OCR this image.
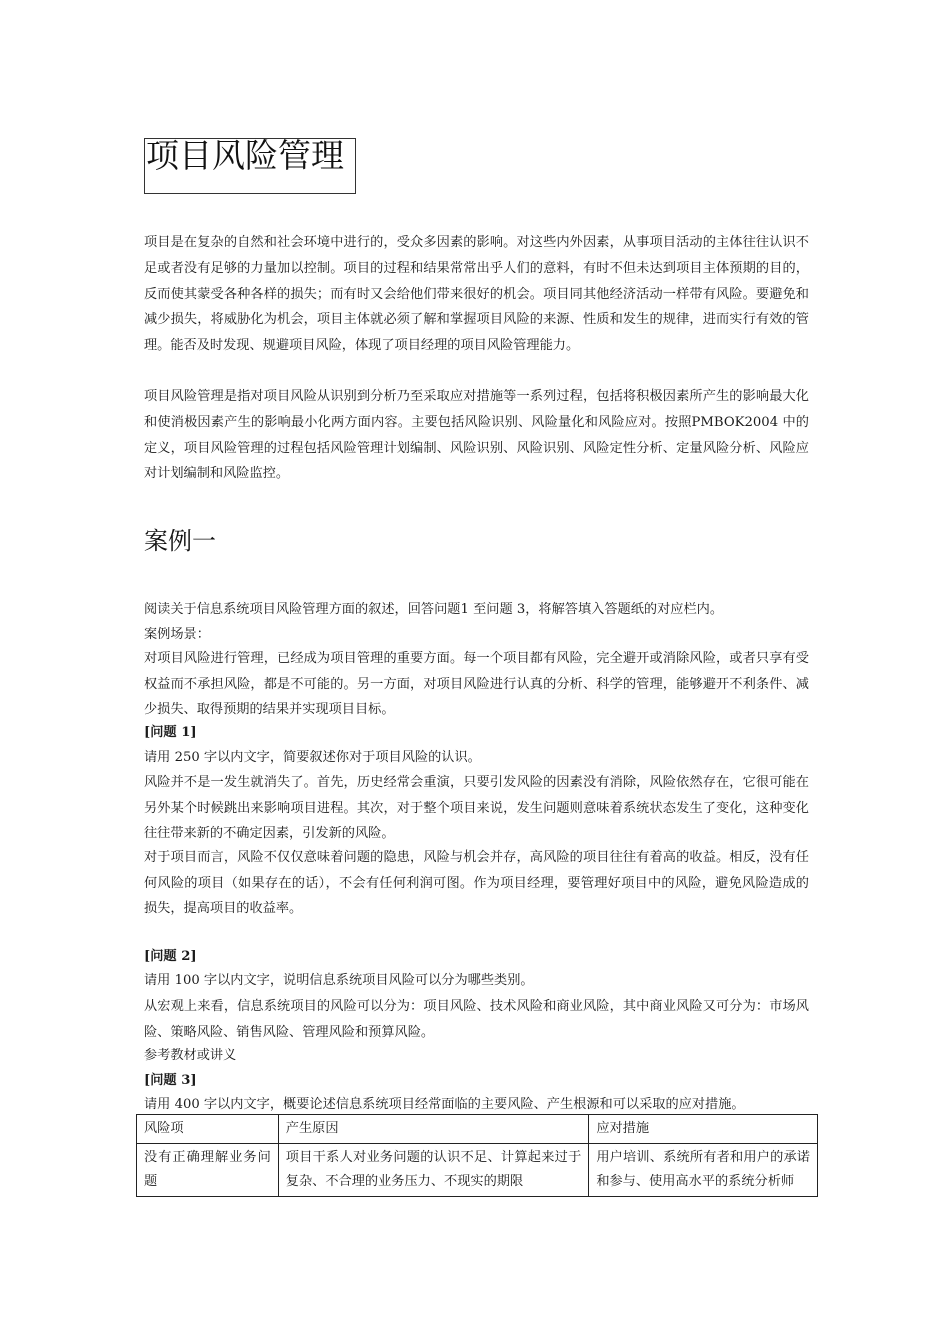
项目风险管理

项目是在复杂的自然和社会环境中进行的，受众多因素的影响。对这些内外因素，从事项目活动的主体往往认识不足或者没有足够的力量加以控制。项目的过程和结果常常出乎人们的意料，有时不但未达到项目主体预期的目的，反而使其蒙受各种各样的损失；而有时又会给他们带来很好的机会。项目同其他经济活动一样带有风险。要避免和减少损失，将威胁化为机会，项目主体就必须了解和掌握项目风险的来源、性质和发生的规律，进而实行有效的管理。能否及时发现、规避项目风险，体现了项目经理的项目风险管理能力。

项目风险管理是指对项目风险从识别到分析乃至采取应对措施等一系列过程，包括将积极因素所产生的影响最大化和使消极因素产生的影响最小化两方面内容。主要包括风险识别、风险量化和风险应对。按照PMBOK2004 中的定义，项目风险管理的过程包括风险管理计划编制、风险识别、风险识别、风险定性分析、定量风险分析、风险应对计划编制和风险监控。

案例一
阅读关于信息系统项目风险管理方面的叙述，回答问题1 至问题 3，将解答填入答题纸的对应栏内。
案例场景：

对项目风险进行管理，已经成为项目管理的重要方面。每一个项目都有风险，完全避开或消除风险，或者只享有受权益而不承担风险，都是不可能的。另一方面，对项目风险进行认真的分析、科学的管理，能够避开不利条件、减少损失、取得预期的结果并实现项目目标。

[问题 1]
请用 250 字以内文字，简要叙述你对于项目风险的认识。

风险并不是一发生就消失了。首先，历史经常会重演，只要引发风险的因素没有消除，风险依然存在，它很可能在另外某个时候跳出来影响项目进程。其次，对于整个项目来说，发生问题则意味着系统状态发生了变化，这种变化往往带来新的不确定因素，引发新的风险。

对于项目而言，风险不仅仅意味着问题的隐患，风险与机会并存，高风险的项目往往有着高的收益。相反，没有任何风险的项目（如果存在的话），不会有任何利润可图。作为项目经理，要管理好项目中的风险，避免风险造成的损失，提高项目的收益率。

[问题 2]
请用 100 字以内文字，说明信息系统项目风险可以分为哪些类别。

从宏观上来看，信息系统项目的风险可以分为：项目风险、技术风险和商业风险，其中商业风险又可分为：市场风险、策略风险、销售风险、管理风险和预算风险。

参考教材或讲义
[问题 3]
请用 400 字以内文字，概要论述信息系统项目经常面临的主要风险、产生根源和可以采取的应对措施。
风险项	产生原因	应对措施
没有正确理解业务问题	项目干系人对业务问题的认识不足、计算起来过于复杂、不合理的业务压力、不现实的期限	用户培训、系统所有者和用户的承诺和参与、使用高水平的系统分析师
